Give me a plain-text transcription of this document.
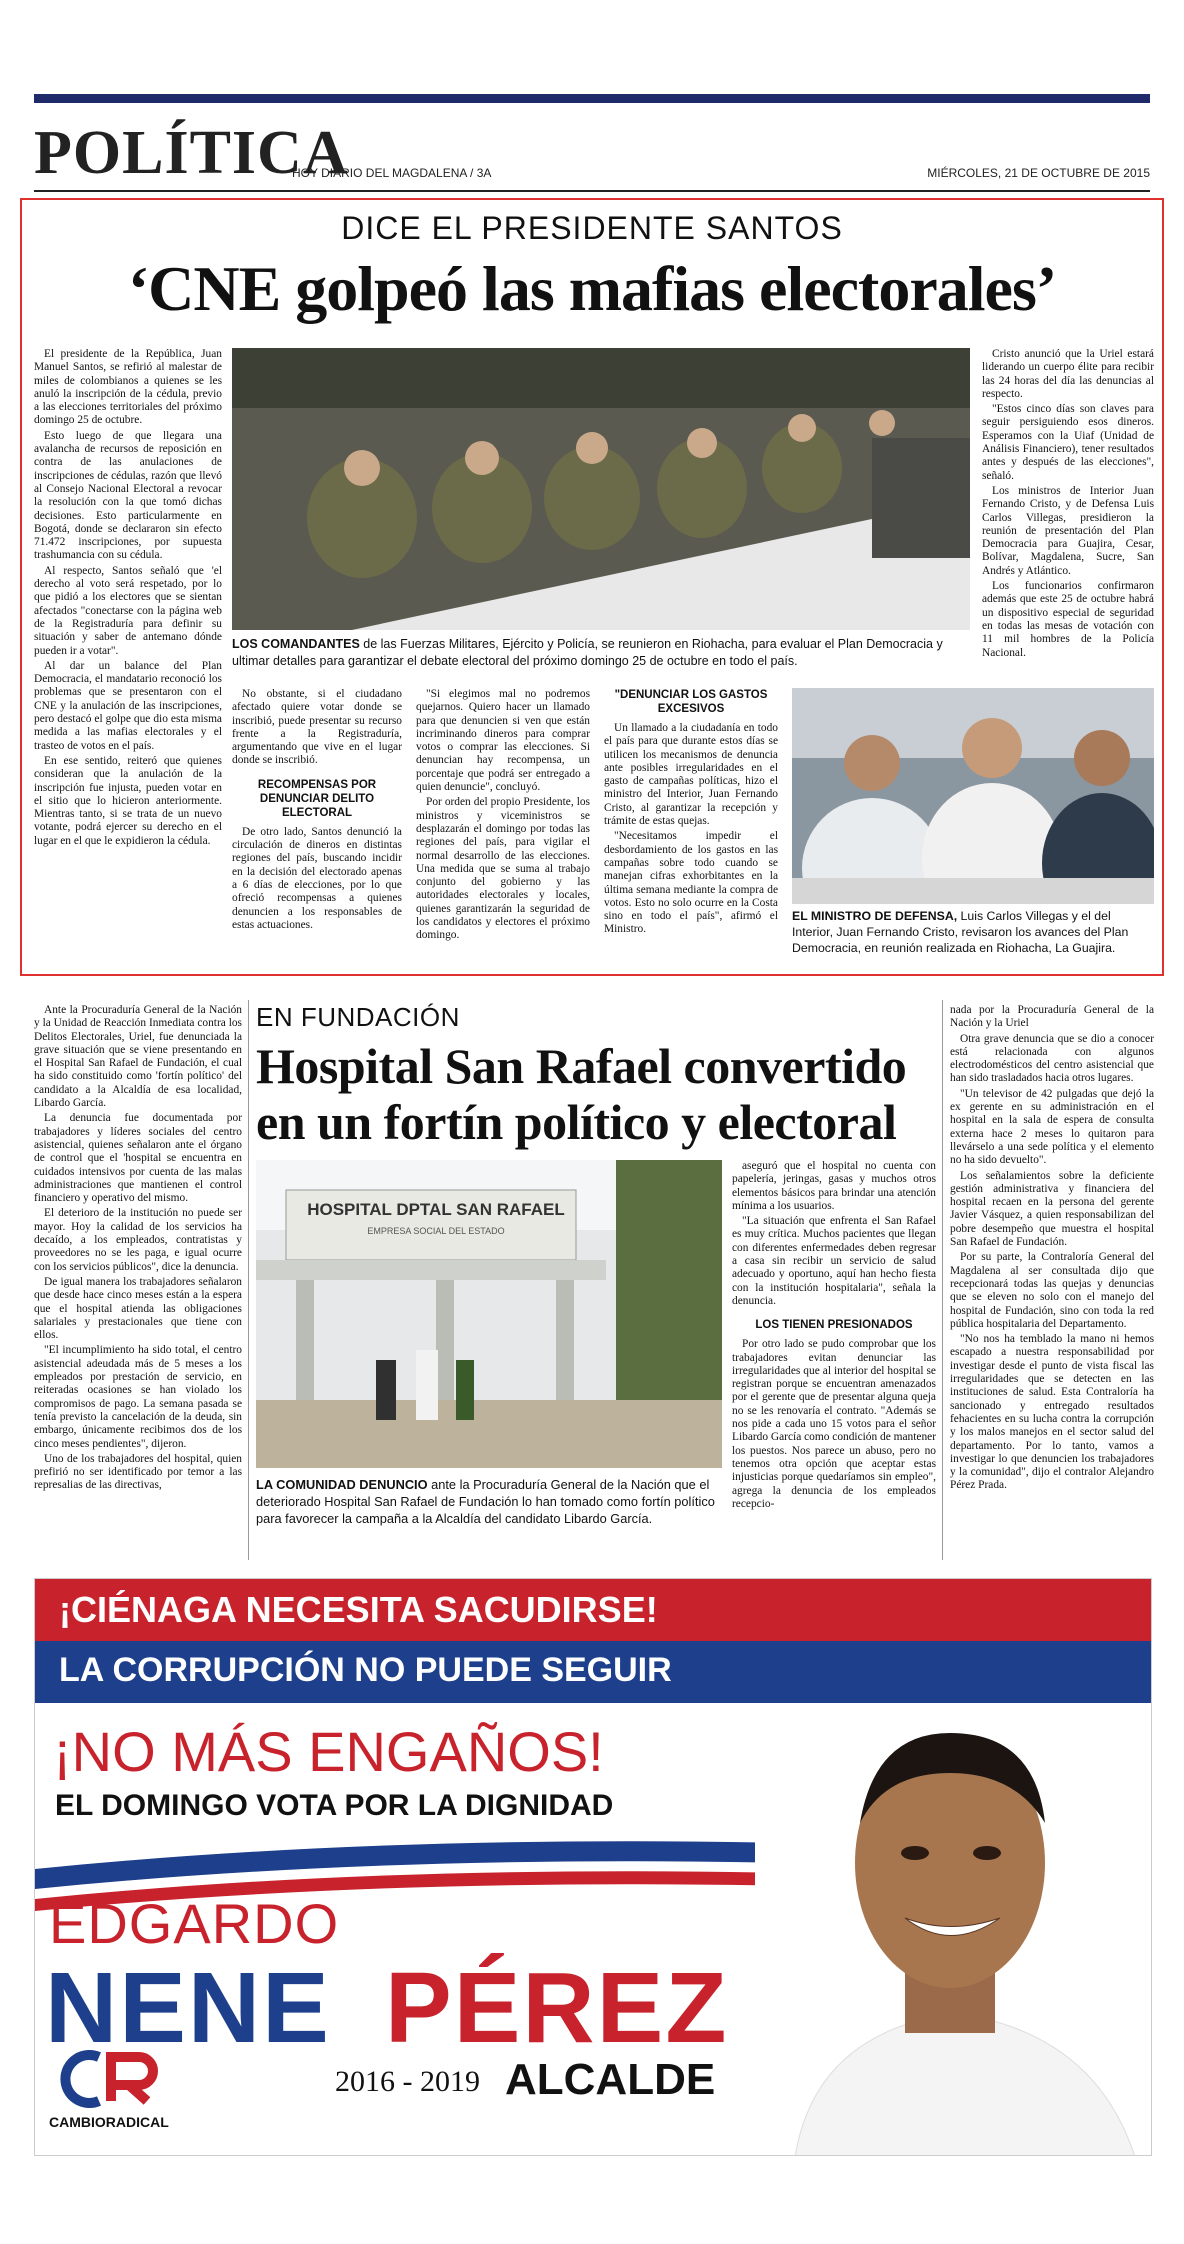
POLÍTICA
HOY DIARIO DEL MAGDALENA / 3A	MIÉRCOLES, 21 DE OCTUBRE DE 2015
DICE EL PRESIDENTE SANTOS
‘CNE golpeó las mafias electorales’

El presidente de la República, Juan Manuel Santos, se refirió al malestar de miles de colombianos a quienes se les anuló la inscripción de la cédula, previo a las elecciones territoriales del próximo domingo 25 de octubre.

Esto luego de que llegara una avalancha de recursos de reposición en contra de las anulaciones de inscripciones de cédulas, razón que llevó al Consejo Nacional Electoral a revocar la resolución con la que tomó dichas decisiones. Esto particularmente en Bogotá, donde se declararon sin efecto 71.472 inscripciones, por supuesta trashumancia con su cédula.

Al respecto, Santos señaló que 'el derecho al voto será respetado, por lo que pidió a los electores que se sientan afectados "conectarse con la página web de la Registraduría para definir su situación y saber de antemano dónde pueden ir a votar".

Al dar un balance del Plan Democracia, el mandatario reconoció los problemas que se presentaron con el CNE y la anulación de las inscripciones, pero destacó el golpe que dio esta misma medida a las mafias electorales y el trasteo de votos en el país.

En ese sentido, reiteró que quienes consideran que la anulación de la inscripción fue injusta, pueden votar en el sitio que lo hicieron anteriormente. Mientras tanto, si se trata de un nuevo votante, podrá ejercer su derecho en el lugar en el que le expidieron la cédula.

LOS COMANDANTES de las Fuerzas Militares, Ejército y Policía, se reunieron en Riohacha, para evaluar el Plan Democracia y ultimar detalles para garantizar el debate electoral del próximo domingo 25 de octubre en todo el país.

No obstante, si el ciudadano afectado quiere votar donde se inscribió, puede presentar su recurso frente a la Registraduría, argumentando que vive en el lugar donde se inscribió.

RECOMPENSAS POR DENUNCIAR DELITO ELECTORAL

De otro lado, Santos denunció la circulación de dineros en distintas regiones del país, buscando incidir en la decisión del electorado apenas a 6 días de elecciones, por lo que ofreció recompensas a quienes denuncien a los responsables de estas actuaciones.

"Si elegimos mal no podremos quejarnos. Quiero hacer un llamado para que denuncien si ven que están incriminando dineros para comprar votos o comprar las elecciones. Si denuncian hay recompensa, un porcentaje que podrá ser entregado a quien denuncie", concluyó.

Por orden del propio Presidente, los ministros y viceministros se desplazarán el domingo por todas las regiones del país, para vigilar el normal desarrollo de las elecciones. Una medida que se suma al trabajo conjunto del gobierno y las autoridades electorales y locales, quienes garantizarán la seguridad de los candidatos y electores el próximo domingo.

"DENUNCIAR LOS GASTOS EXCESIVOS

Un llamado a la ciudadanía en todo el país para que durante estos días se utilicen los mecanismos de denuncia ante posibles irregularidades en el gasto de campañas políticas, hizo el ministro del Interior, Juan Fernando Cristo, al garantizar la recepción y trámite de estas quejas.

"Necesitamos impedir el desbordamiento de los gastos en las campañas sobre todo cuando se manejan cifras exhorbitantes en la última semana mediante la compra de votos. Esto no solo ocurre en la Costa sino en todo el país", afirmó el Ministro.

Cristo anunció que la Uriel estará liderando un cuerpo élite para recibir las 24 horas del día las denuncias al respecto.

"Estos cinco días son claves para seguir persiguiendo esos dineros. Esperamos con la Uiaf (Unidad de Análisis Financiero), tener resultados antes y después de las elecciones", señaló.

Los ministros de Interior Juan Fernando Cristo, y de Defensa Luis Carlos Villegas, presidieron la reunión de presentación del Plan Democracia para Guajira, Cesar, Bolívar, Magdalena, Sucre, San Andrés y Atlántico.

Los funcionarios confirmaron además que este 25 de octubre habrá un dispositivo especial de seguridad en todas las mesas de votación con 11 mil hombres de la Policía Nacional.

EL MINISTRO DE DEFENSA, Luis Carlos Villegas y el del Interior, Juan Fernando Cristo, revisaron los avances del Plan Democracia, en reunión realizada en Riohacha, La Guajira.

Ante la Procuraduría General de la Nación y la Unidad de Reacción Inmediata contra los Delitos Electorales, Uriel, fue denunciada la grave situación que se viene presentando en el Hospital San Rafael de Fundación, el cual ha sido constituido como 'fortín político' del candidato a la Alcaldía de esa localidad, Libardo García.

La denuncia fue documentada por trabajadores y líderes sociales del centro asistencial, quienes señalaron ante el órgano de control que el 'hospital se encuentra en cuidados intensivos por cuenta de las malas administraciones que mantienen el control financiero y operativo del mismo.

El deterioro de la institución no puede ser mayor. Hoy la calidad de los servicios ha decaído, a los empleados, contratistas y proveedores no se les paga, e igual ocurre con los servicios públicos", dice la denuncia.

De igual manera los trabajadores señalaron que desde hace cinco meses están a la espera que el hospital atienda las obligaciones salariales y prestacionales que tiene con ellos.

"El incumplimiento ha sido total, el centro asistencial adeudada más de 5 meses a los empleados por prestación de servicio, en reiteradas ocasiones se han violado los compromisos de pago. La semana pasada se tenía previsto la cancelación de la deuda, sin embargo, únicamente recibimos dos de los cinco meses pendientes", dijeron.

Uno de los trabajadores del hospital, quien prefirió no ser identificado por temor a las represalias de las directivas,

EN FUNDACIÓN
Hospital San Rafael convertido en un fortín político y electoral
HOSPITAL DPTAL SAN RAFAEL
EMPRESA SOCIAL DEL ESTADO
LA COMUNIDAD DENUNCIO ante la Procuraduría General de la Nación que el deteriorado Hospital San Rafael de Fundación lo han tomado como fortín político para favorecer la campaña a la Alcaldía del candidato Libardo García.

aseguró que el hospital no cuenta con papelería, jeringas, gasas y muchos otros elementos básicos para brindar una atención mínima a los usuarios.

"La situación que enfrenta el San Rafael es muy crítica. Muchos pacientes que llegan con diferentes enfermedades deben regresar a casa sin recibir un servicio de salud adecuado y oportuno, aquí han hecho fiesta con la institución hospitalaria", señala la denuncia.

LOS TIENEN PRESIONADOS

Por otro lado se pudo comprobar que los trabajadores evitan denunciar las irregularidades que al interior del hospital se registran porque se encuentran amenazados por el gerente que de presentar alguna queja no se les renovaría el contrato. "Además se nos pide a cada uno 15 votos para el señor Libardo García como condición de mantener los puestos. Nos parece un abuso, pero no tenemos otra opción que aceptar estas injusticias porque quedaríamos sin empleo", agrega la denuncia de los empleados recepcio-

nada por la Procuraduría General de la Nación y la Uriel

Otra grave denuncia que se dio a conocer está relacionada con algunos electrodomésticos del centro asistencial que han sido trasladados hacia otros lugares.

"Un televisor de 42 pulgadas que dejó la ex gerente en su administración en el hospital en la sala de espera de consulta externa hace 2 meses lo quitaron para llevárselo a una sede política y el elemento no ha sido devuelto".

Los señalamientos sobre la deficiente gestión administrativa y financiera del hospital recaen en la persona del gerente Javier Vásquez, a quien responsabilizan del pobre desempeño que muestra el hospital San Rafael de Fundación.

Por su parte, la Contraloría General del Magdalena al ser consultada dijo que recepcionará todas las quejas y denuncias que se eleven no solo con el manejo del hospital de Fundación, sino con toda la red pública hospitalaria del Departamento.

"No nos ha temblado la mano ni hemos escapado a nuestra responsabilidad por investigar desde el punto de vista fiscal las irregularidades que se detecten en las instituciones de salud. Esta Contraloría ha sancionado y entregado resultados fehacientes en su lucha contra la corrupción y los malos manejos en el sector salud del departamento. Por lo tanto, vamos a investigar lo que denuncien los trabajadores y la comunidad", dijo el contralor Alejandro Pérez Prada.

¡CIÉNAGA NECESITA SACUDIRSE!
LA CORRUPCIÓN NO PUEDE SEGUIR
¡NO MÁS ENGAÑOS!
EL DOMINGO VOTA POR LA DIGNIDAD
EDGARDO
NENE PÉREZ
2016 - 2019 ALCALDE
CAMBIORADICAL
